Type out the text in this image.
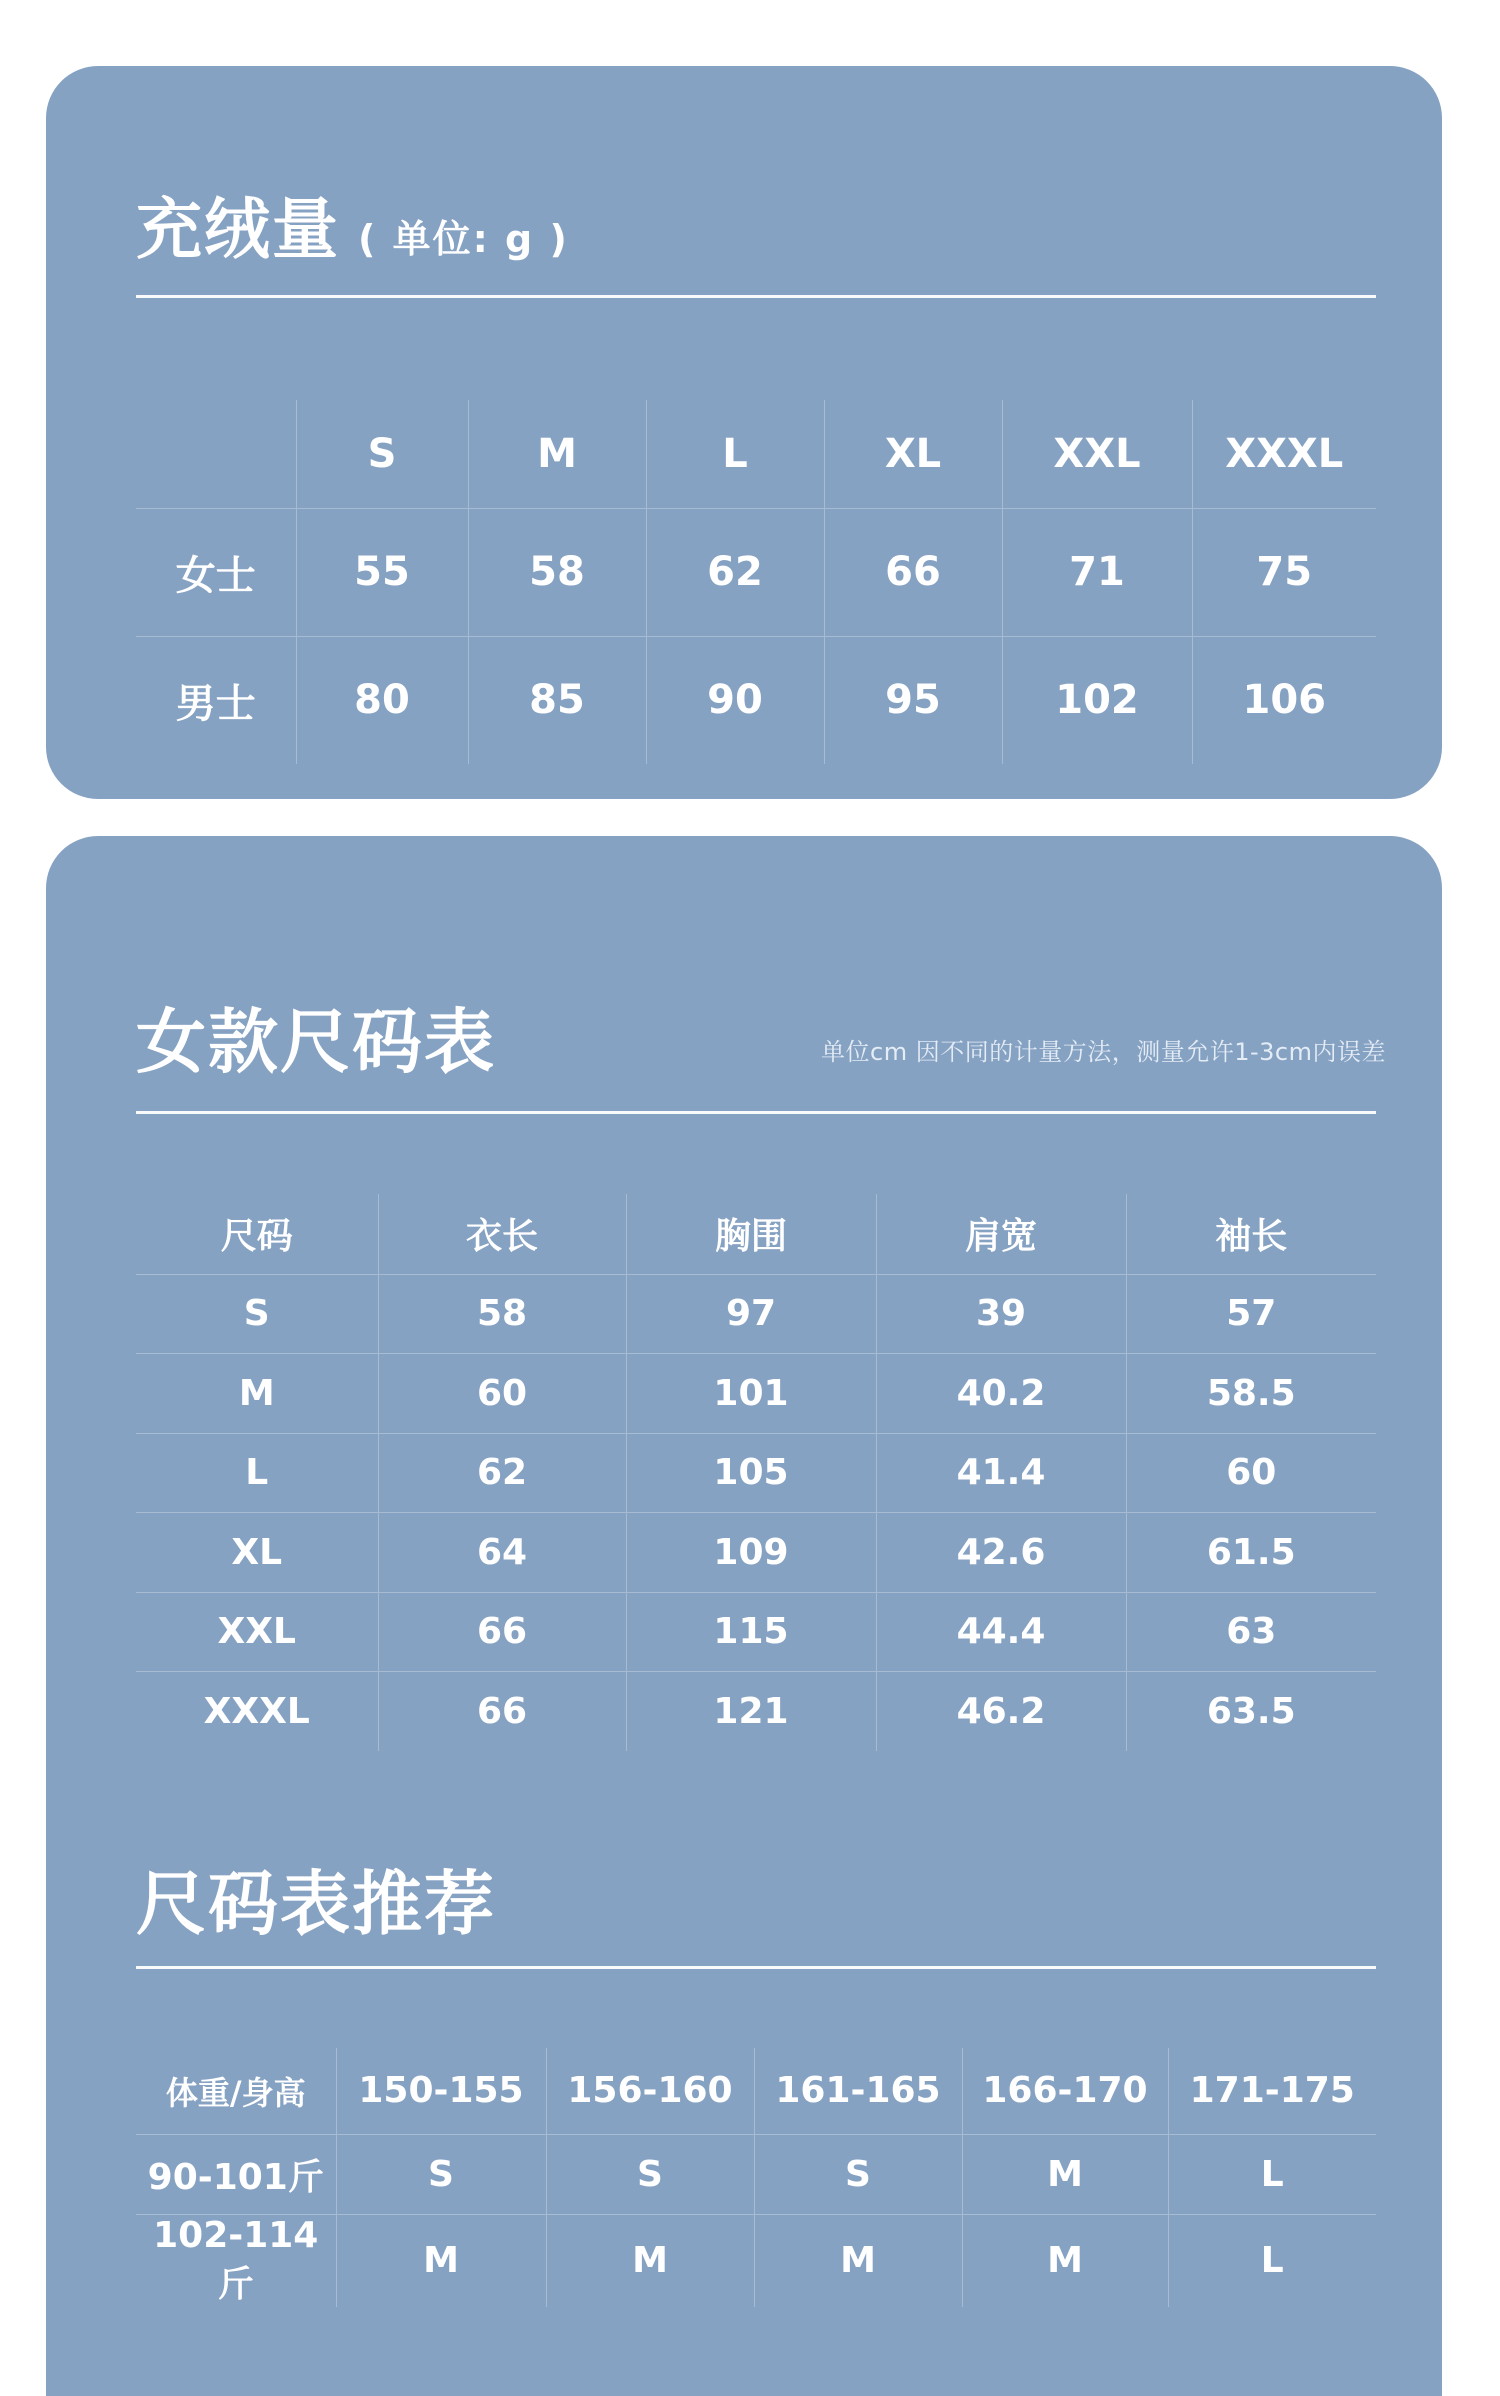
充绒量 ( 单位: g )
	S	M	L	XL	XXL	XXXL
女士	55	58	62	66	71	75
男士	80	85	90	95	102	106
女款尺码表	单位cm 因不同的计量方法，测量允许1-3cm内误差
尺码	衣长	胸围	肩宽	袖长
S	58	97	39	57
M	60	101	40.2	58.5
L	62	105	41.4	60
XL	64	109	42.6	61.5
XXL	66	115	44.4	63
XXXL	66	121	46.2	63.5
尺码表推荐
体重/身高	150-155	156-160	161-165	166-170	171-175
90-101斤	S	S	S	M	L
102-114斤	M	M	M	M	L
